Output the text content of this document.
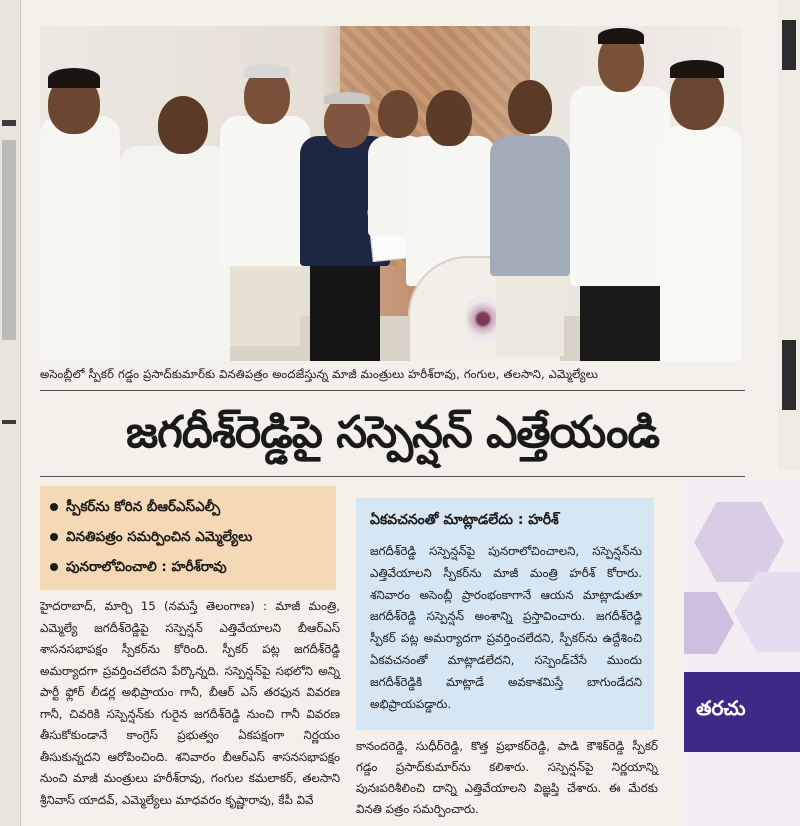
అసెంబ్లీలో స్పీకర్ గడ్డం ప్రసాద్‌కుమార్‌కు వినతిపత్రం అందజేస్తున్న మాజీ మంత్రులు హరీశ్‌రావు, గంగుల, తలసాని, ఎమ్మెల్యేలు
జగదీశ్‌రెడ్డిపై సస్పెన్షన్ ఎత్తేయండి
స్పీకర్‌ను కోరిన బీఆర్‌ఎస్‌ఎల్పీ
వినతిపత్రం సమర్పించిన ఎమ్మెల్యేలు
పునరాలోచించాలి : హరీశ్‌రావు

హైదరాబాద్, మార్చి 15 (నమస్తే తెలంగాణ) : మాజీ మంత్రి, ఎమ్మెల్యే జగదీశ్‌రెడ్డిపై సస్పెన్షన్ ఎత్తివేయాలని బీఆర్‌ఎస్ శాసనసభాపక్షం స్పీకర్‌ను కోరింది. స్పీకర్ పట్ల జగదీశ్‌రెడ్డి అమర్యాదగా ప్రవర్తించలేదని పేర్కొన్నది. సస్పెన్షన్‌పై సభలోని అన్ని పార్టీ ఫ్లోర్ లీడర్ల అభిప్రాయం గానీ, బీఆర్ ఎస్ తరఫున వివరణ గానీ, చివరికి సస్పెన్షన్‌కు గురైన జగదీశ్‌రెడ్డి నుంచి గానీ వివరణ తీసుకోకుండానే కాంగ్రెస్ ప్రభుత్వం ఏకపక్షంగా నిర్ణయం తీసుకున్నదని ఆరోపించింది. శనివారం బీఆర్‌ఎస్ శాసనసభాపక్షం నుంచి మాజీ మంత్రులు హరీశ్‌రావు, గంగుల కమలాకర్, తలసాని శ్రీనివాస్ యాదవ్, ఎమ్మెల్యేలు మాధవరం కృష్ణారావు, కేపీ వివే

ఏకవచనంతో మాట్లాడలేదు : హరీశ్
జగదీశ్‌రెడ్డి సస్పెన్షన్‌పై పునరాలోచించాలని, సస్పెన్షన్‌ను ఎత్తివేయాలని స్పీకర్‌ను మాజీ మంత్రి హరీశ్ కోరారు. శనివారం అసెంబ్లీ ప్రారంభంకాగానే ఆయన మాట్లాడుతూ జగదీశ్‌రెడ్డి సస్పెన్షన్ అంశాన్ని ప్రస్తావించారు. జగదీశ్‌రెడ్డి స్పీకర్ పట్ల అమర్యాదగా ప్రవర్తించలేదని, స్పీకర్‌ను ఉద్దేశించి ఏకవచనంతో మాట్లాడలేదని, సస్పెండ్‌చేసే ముందు జగదీశ్‌రెడ్డికి మాట్లాడే అవకాశమిస్తే బాగుండేదని అభిప్రాయపడ్డారు.
కానందరెడ్డి, సుధీర్‌రెడ్డి, కొత్త ప్రభాకర్‌రెడ్డి, పాడి కౌశిక్‌రెడ్డి స్పీకర్ గడ్డం ప్రసాద్‌కుమార్‌ను కలిశారు. సస్పెన్షన్‌పై నిర్ణయాన్ని పునఃపరిశీలించి దాన్ని ఎత్తివేయాలని విజ్ఞప్తి చేశారు. ఈ మేరకు వినతి పత్రం సమర్పించారు.
తరచు
